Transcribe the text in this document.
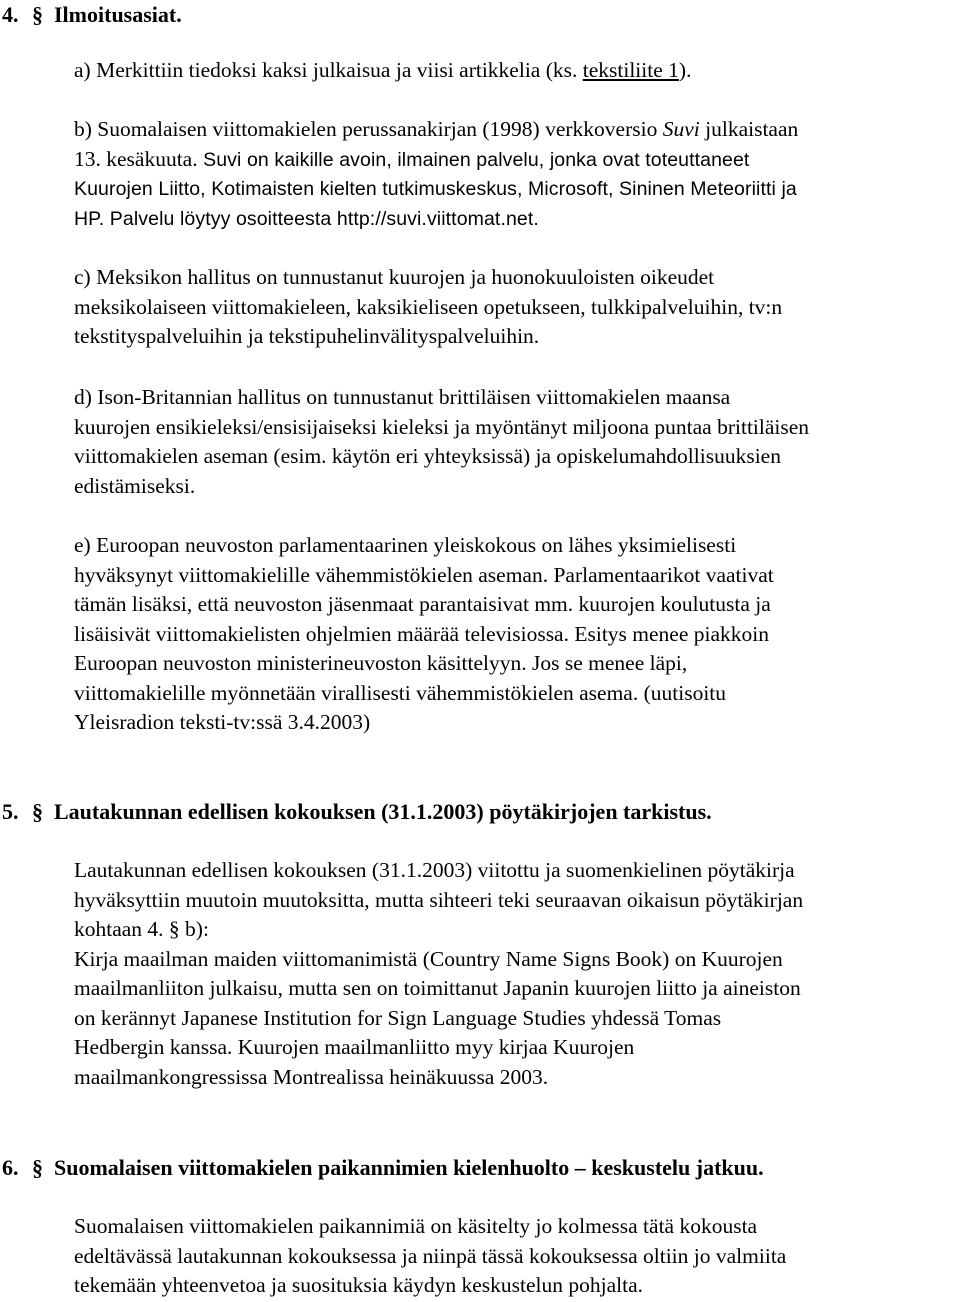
4. § Ilmoitusasiat.

a) Merkittiin tiedoksi kaksi julkaisua ja viisi artikkelia (ks. tekstiliite 1).

b) Suomalaisen viittomakielen perussanakirjan (1998) verkkoversio Suvi julkaistaan
13. kesäkuuta. Suvi on kaikille avoin, ilmainen palvelu, jonka ovat toteuttaneet
Kuurojen Liitto, Kotimaisten kielten tutkimuskeskus, Microsoft, Sininen Meteoriitti ja
HP. Palvelu löytyy osoitteesta http://suvi.viittomat.net.

c) Meksikon hallitus on tunnustanut kuurojen ja huonokuuloisten oikeudet
meksikolaiseen viittomakieleen, kaksikieliseen opetukseen, tulkkipalveluihin, tv:n
tekstityspalveluihin ja tekstipuhelinvälityspalveluihin.

d) Ison-Britannian hallitus on tunnustanut brittiläisen viittomakielen maansa
kuurojen ensikieleksi/ensisijaiseksi kieleksi ja myöntänyt miljoona puntaa brittiläisen
viittomakielen aseman (esim. käytön eri yhteyksissä) ja opiskelumahdollisuuksien
edistämiseksi.

e) Euroopan neuvoston parlamentaarinen yleiskokous on lähes yksimielisesti
hyväksynyt viittomakielille vähemmistökielen aseman. Parlamentaarikot vaativat
tämän lisäksi, että neuvoston jäsenmaat parantaisivat mm. kuurojen koulutusta ja
lisäisivät viittomakielisten ohjelmien määrää televisiossa. Esitys menee piakkoin
Euroopan neuvoston ministerineuvoston käsittelyyn. Jos se menee läpi,
viittomakielille myönnetään virallisesti vähemmistökielen asema. (uutisoitu
Yleisradion teksti-tv:ssä 3.4.2003)

5. § Lautakunnan edellisen kokouksen (31.1.2003) pöytäkirjojen tarkistus.

Lautakunnan edellisen kokouksen (31.1.2003) viitottu ja suomenkielinen pöytäkirja
hyväksyttiin muutoin muutoksitta, mutta sihteeri teki seuraavan oikaisun pöytäkirjan
kohtaan 4. § b):
Kirja maailman maiden viittomanimistä (Country Name Signs Book) on Kuurojen
maailmanliiton julkaisu, mutta sen on toimittanut Japanin kuurojen liitto ja aineiston
on kerännyt Japanese Institution for Sign Language Studies yhdessä Tomas
Hedbergin kanssa. Kuurojen maailmanliitto myy kirjaa Kuurojen
maailmankongressissa Montrealissa heinäkuussa 2003.

6. § Suomalaisen viittomakielen paikannimien kielenhuolto – keskustelu jatkuu.

Suomalaisen viittomakielen paikannimiä on käsitelty jo kolmessa tätä kokousta
edeltävässä lautakunnan kokouksessa ja niinpä tässä kokouksessa oltiin jo valmiita
tekemään yhteenvetoa ja suosituksia käydyn keskustelun pohjalta.
